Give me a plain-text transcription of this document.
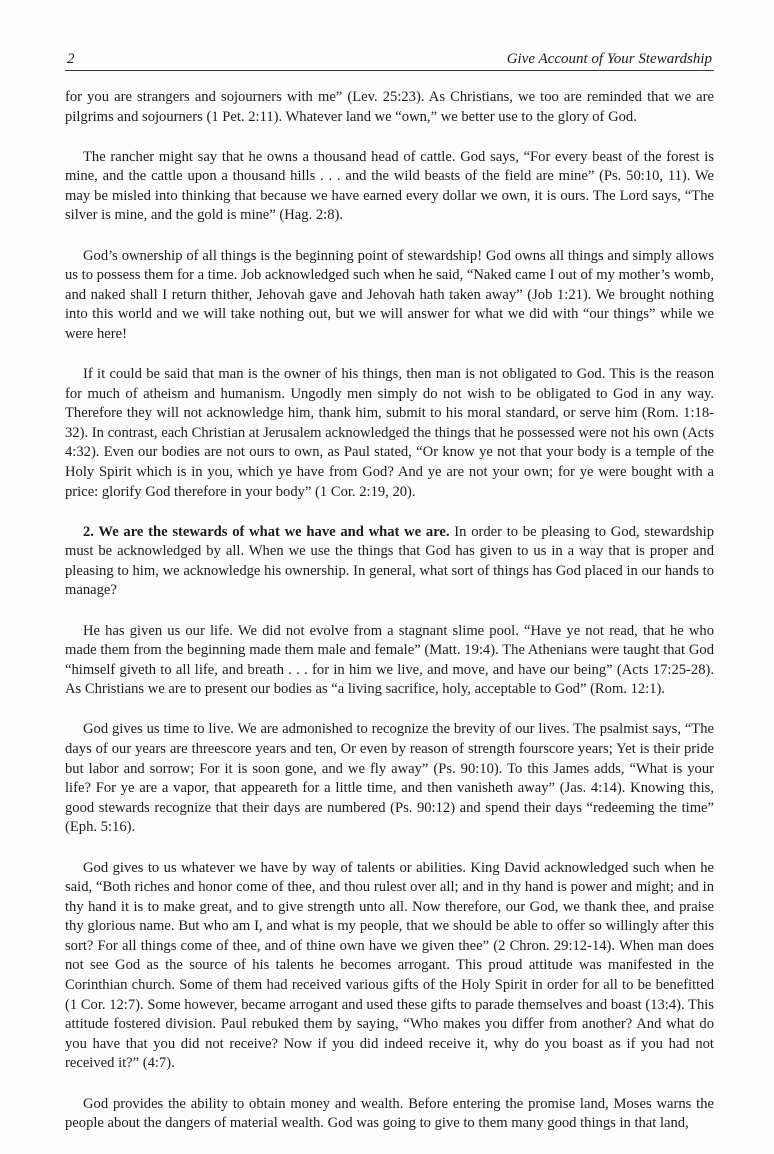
2	Give Account of Your Stewardship

for you are strangers and sojourners with me” (Lev. 25:23). As Christians, we too are reminded that we are pilgrims and sojourners (1 Pet. 2:11). Whatever land we “own,” we better use to the glory of God.

The rancher might say that he owns a thousand head of cattle. God says, “For every beast of the forest is mine, and the cattle upon a thousand hills . . . and the wild beasts of the field are mine” (Ps. 50:10, 11). We may be misled into thinking that because we have earned every dollar we own, it is ours. The Lord says, “The silver is mine, and the gold is mine” (Hag. 2:8).

God’s ownership of all things is the beginning point of stewardship! God owns all things and simply allows us to possess them for a time. Job acknowledged such when he said, “Naked came I out of my mother’s womb, and naked shall I return thither, Jehovah gave and Jehovah hath taken away” (Job 1:21). We brought nothing into this world and we will take nothing out, but we will answer for what we did with “our things” while we were here!

If it could be said that man is the owner of his things, then man is not obligated to God. This is the reason for much of atheism and humanism. Ungodly men simply do not wish to be obligated to God in any way. Therefore they will not acknowledge him, thank him, submit to his moral standard, or serve him (Rom. 1:18-32). In contrast, each Christian at Jerusalem acknowledged the things that he possessed were not his own (Acts 4:32). Even our bodies are not ours to own, as Paul stated, “Or know ye not that your body is a temple of the Holy Spirit which is in you, which ye have from God? And ye are not your own; for ye were bought with a price: glorify God therefore in your body” (1 Cor. 2:19, 20).

2. We are the stewards of what we have and what we are. In order to be pleasing to God, stewardship must be acknowledged by all. When we use the things that God has given to us in a way that is proper and pleasing to him, we acknowledge his ownership. In general, what sort of things has God placed in our hands to manage?

He has given us our life. We did not evolve from a stagnant slime pool. “Have ye not read, that he who made them from the beginning made them male and female” (Matt. 19:4). The Athenians were taught that God “himself giveth to all life, and breath . . . for in him we live, and move, and have our being” (Acts 17:25-28). As Christians we are to present our bodies as “a living sacrifice, holy, acceptable to God” (Rom. 12:1).

God gives us time to live. We are admonished to recognize the brevity of our lives. The psalmist says, “The days of our years are threescore years and ten, Or even by reason of strength fourscore years; Yet is their pride but labor and sorrow; For it is soon gone, and we fly away” (Ps. 90:10). To this James adds, “What is your life? For ye are a vapor, that appeareth for a little time, and then vanisheth away” (Jas. 4:14). Knowing this, good stewards recognize that their days are numbered (Ps. 90:12) and spend their days “redeeming the time” (Eph. 5:16).

God gives to us whatever we have by way of talents or abilities. King David acknowledged such when he said, “Both riches and honor come of thee, and thou rulest over all; and in thy hand is power and might; and in thy hand it is to make great, and to give strength unto all. Now therefore, our God, we thank thee, and praise thy glorious name. But who am I, and what is my people, that we should be able to offer so willingly after this sort? For all things come of thee, and of thine own have we given thee” (2 Chron. 29:12-14). When man does not see God as the source of his talents he becomes arrogant. This proud attitude was manifested in the Corinthian church. Some of them had received various gifts of the Holy Spirit in order for all to be benefitted (1 Cor. 12:7). Some however, became arrogant and used these gifts to parade themselves and boast (13:4). This attitude fostered division. Paul rebuked them by saying, “Who makes you differ from another? And what do you have that you did not receive? Now if you did indeed receive it, why do you boast as if you had not received it?” (4:7).

God provides the ability to obtain money and wealth. Before entering the promise land, Moses warns the people about the dangers of material wealth. God was going to give to them many good things in that land,
